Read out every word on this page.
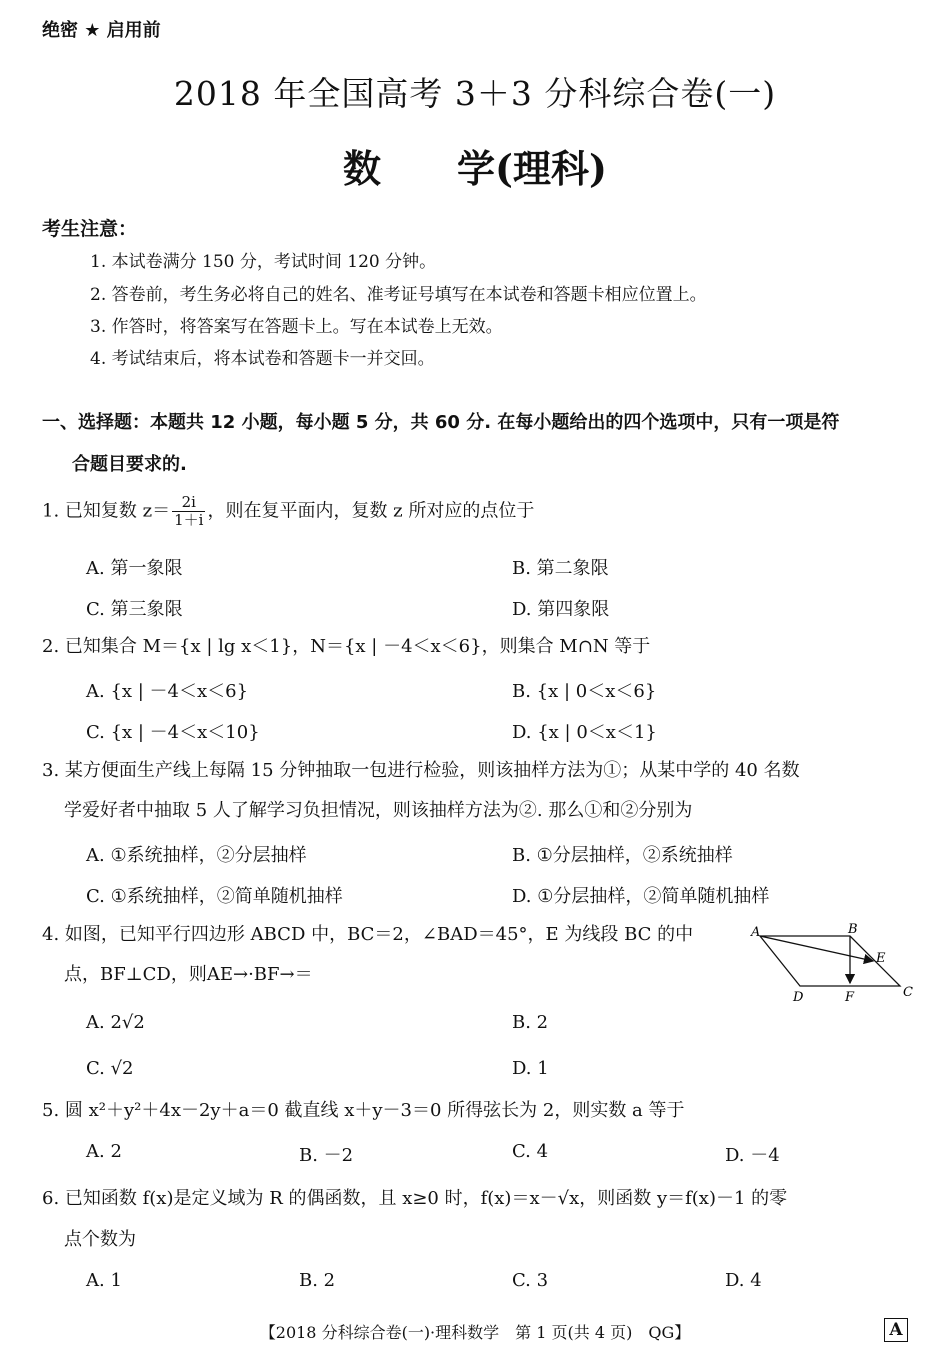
绝密 ★ 启用前
2018 年全国高考 3＋3 分科综合卷(一)
数　　学(理科)
考生注意：
1. 本试卷满分 150 分，考试时间 120 分钟。
2. 答卷前，考生务必将自己的姓名、准考证号填写在本试卷和答题卡相应位置上。
3. 作答时，将答案写在答题卡上。写在本试卷上无效。
4. 考试结束后，将本试卷和答题卡一并交回。
一、选择题：本题共 12 小题，每小题 5 分，共 60 分. 在每小题给出的四个选项中，只有一项是符
合题目要求的.
1. 已知复数 $z= \frac{2i}{1+i}$ ，则在复平面内，复数 z 所对应的点位于
A. 第一象限	B. 第二象限
C. 第三象限	D. 第四象限
2. 已知集合 M＝{x | lg x＜1}，N＝{x | －4＜x＜6}，则集合 M∩N 等于
A. {x | －4＜x＜6}	B. {x | 0＜x＜6}
C. {x | －4＜x＜10}	D. {x | 0＜x＜1}
3. 某方便面生产线上每隔 15 分钟抽取一包进行检验，则该抽样方法为①；从某中学的 40 名数
学爱好者中抽取 5 人了解学习负担情况，则该抽样方法为②. 那么①和②分别为
A. ①系统抽样，②分层抽样	B. ①分层抽样，②系统抽样
C. ①系统抽样，②简单随机抽样	D. ①分层抽样，②简单随机抽样
4. 如图，已知平行四边形 ABCD 中，BC＝2，∠BAD＝45°，E 为线段 BC 的中
点，BF⊥CD，则AE→·BF→＝
A	B
C
D
E
F
A. 2√2	B. 2
C. √2	D. 1
5. 圆 x²＋y²＋4x－2y＋a＝0 截直线 x＋y－3＝0 所得弦长为 2，则实数 a 等于
A. 2	B. －2	C. 4	D. －4
6. 已知函数 f(x)是定义域为 R 的偶函数，且 x≥0 时，f(x)＝x－√x，则函数 y＝f(x)－1 的零
点个数为
A. 1	B. 2	C. 3	D. 4
【2018 分科综合卷(一)·理科数学　第 1 页(共 4 页)　QG】	A
